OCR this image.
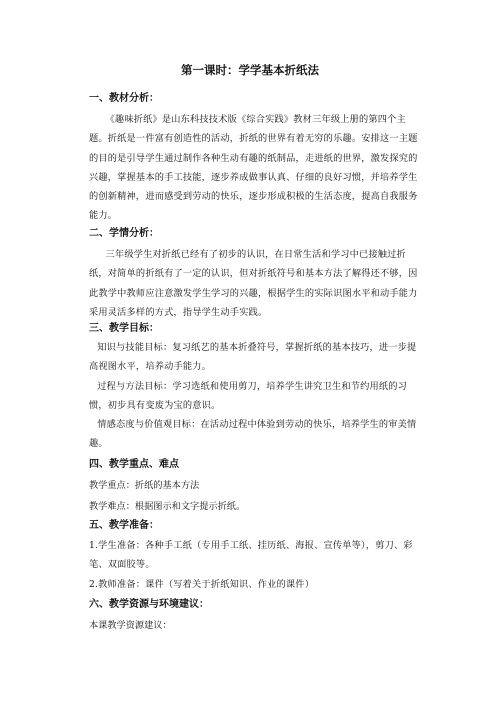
第一课时：学学基本折纸法
一、教材分析：

《趣味折纸》是山东科技技术版《综合实践》教材三年级上册的第四个主题。折纸是一件富有创造性的活动，折纸的世界有着无穷的乐趣。安排这一主题的目的是引导学生通过制作各种生动有趣的纸制品，走进纸的世界，激发探究的兴趣，掌握基本的手工技能，逐步养成做事认真、仔细的良好习惯，并培养学生的创新精神，进而感受到劳动的快乐，逐步形成积极的生活态度，提高自我服务能力。

二、学情分析：

三年级学生对折纸已经有了初步的认识，在日常生活和学习中已接触过折纸，对简单的折纸有了一定的认识，但对折纸符号和基本方法了解得还不够，因此教学中教师应注意激发学生学习的兴趣，根据学生的实际识图水平和动手能力采用灵活多样的方式，指导学生动手实践。

三、教学目标：

知识与技能目标：复习纸艺的基本折叠符号，掌握折纸的基本技巧，进一步提高视图水平，培养动手能力。

过程与方法目标：学习选纸和使用剪刀，培养学生讲究卫生和节约用纸的习惯，初步具有变废为宝的意识。

情感态度与价值观目标：在活动过程中体验到劳动的快乐，培养学生的审美情趣。

四、教学重点、难点

教学重点：折纸的基本方法

教学难点：根据图示和文字提示折纸。

五、教学准备：

1.学生准备：各种手工纸（专用手工纸、挂历纸、海报、宣传单等），剪刀、彩笔、双面胶等。

2.教师准备：课件（写着关于折纸知识、作业的课件）

六、教学资源与环境建议：

本课教学资源建议：
